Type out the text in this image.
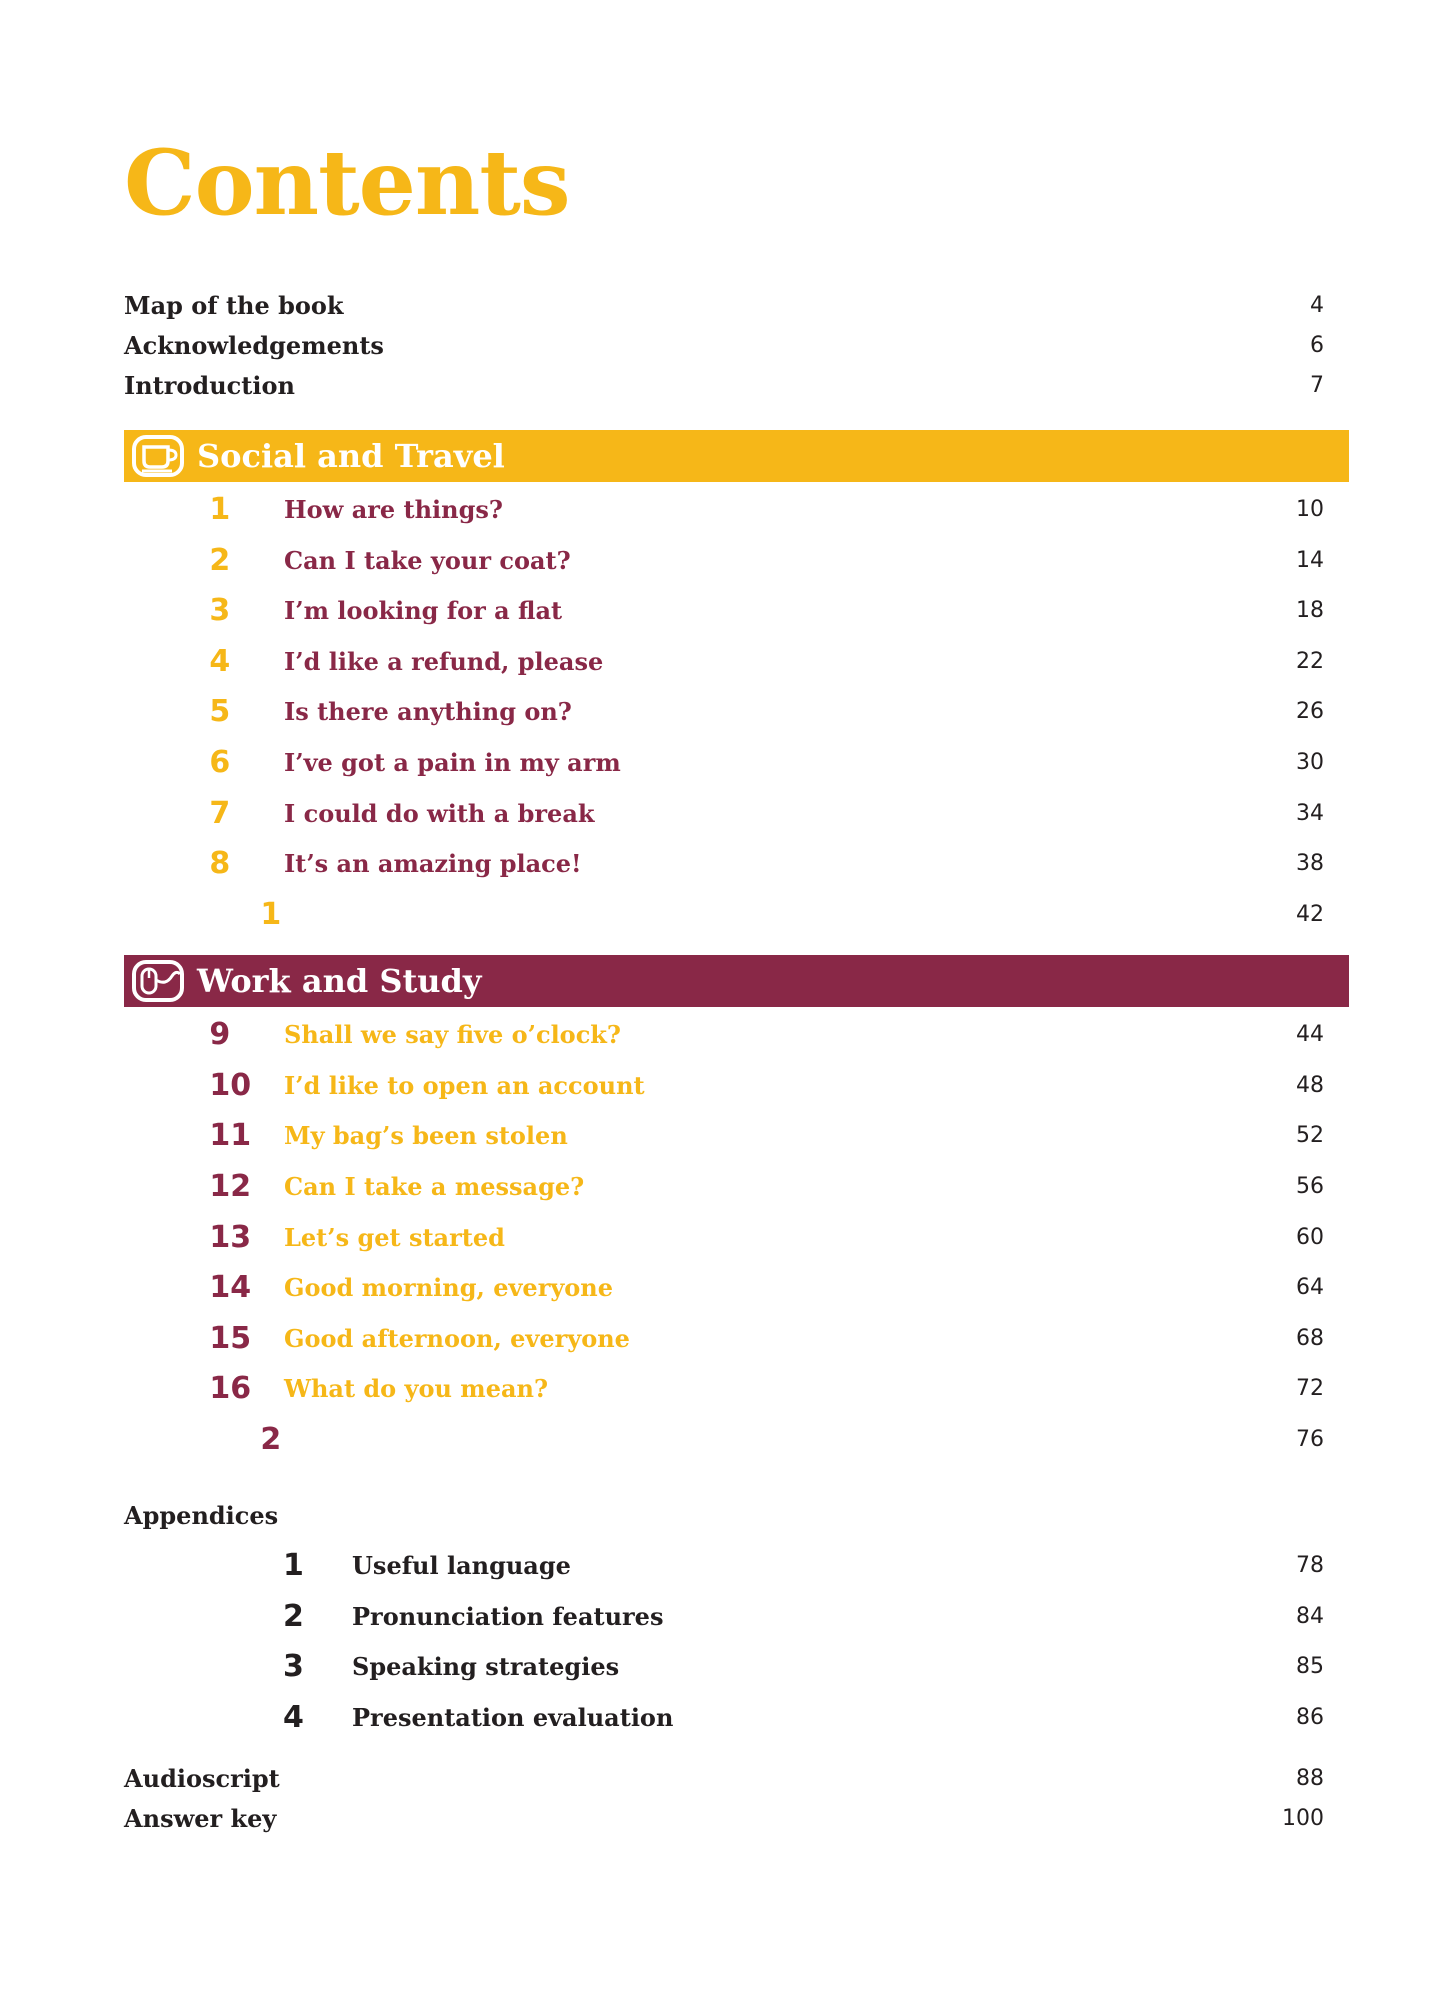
Contents
Map of the book	4
Acknowledgements	6
Introduction	7
Social and Travel
Unit1 How are things?	10
Unit2 Can I take your coat?	14
Unit3 I’m looking for a flat	18
Unit4 I’d like a refund, please	22
Unit5 Is there anything on?	26
Unit6 I’ve got a pain in my arm	30
Unit7 I could do with a break	34
Unit8 It’s an amazing place!	38
Review1	42
Work and Study
Unit9 Shall we say five o’clock?	44
Unit10 I’d like to open an account	48
Unit11 My bag’s been stolen	52
Unit12 Can I take a message?	56
Unit13 Let’s get started	60
Unit14 Good morning, everyone	64
Unit15 Good afternoon, everyone	68
Unit16 What do you mean?	72
Review2	76
Appendices
Appendix1 Useful language	78
Appendix2 Pronunciation features	84
Appendix3 Speaking strategies	85
Appendix4 Presentation evaluation	86
Audioscript	88
Answer key	100
